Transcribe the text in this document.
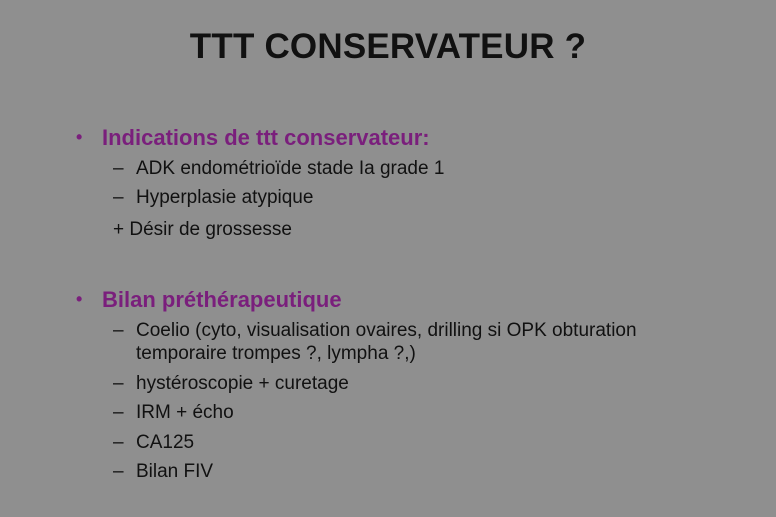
TTT CONSERVATEUR ?
• Indications de ttt conservateur:
– ADK endométrioïde stade Ia grade 1
– Hyperplasie atypique
+ Désir de grossesse
• Bilan préthérapeutique
– Coelio (cyto, visualisation ovaires, drilling si OPK obturation temporaire trompes ?, lympha ?,)
– hystéroscopie + curetage
– IRM + écho
– CA125
– Bilan FIV
